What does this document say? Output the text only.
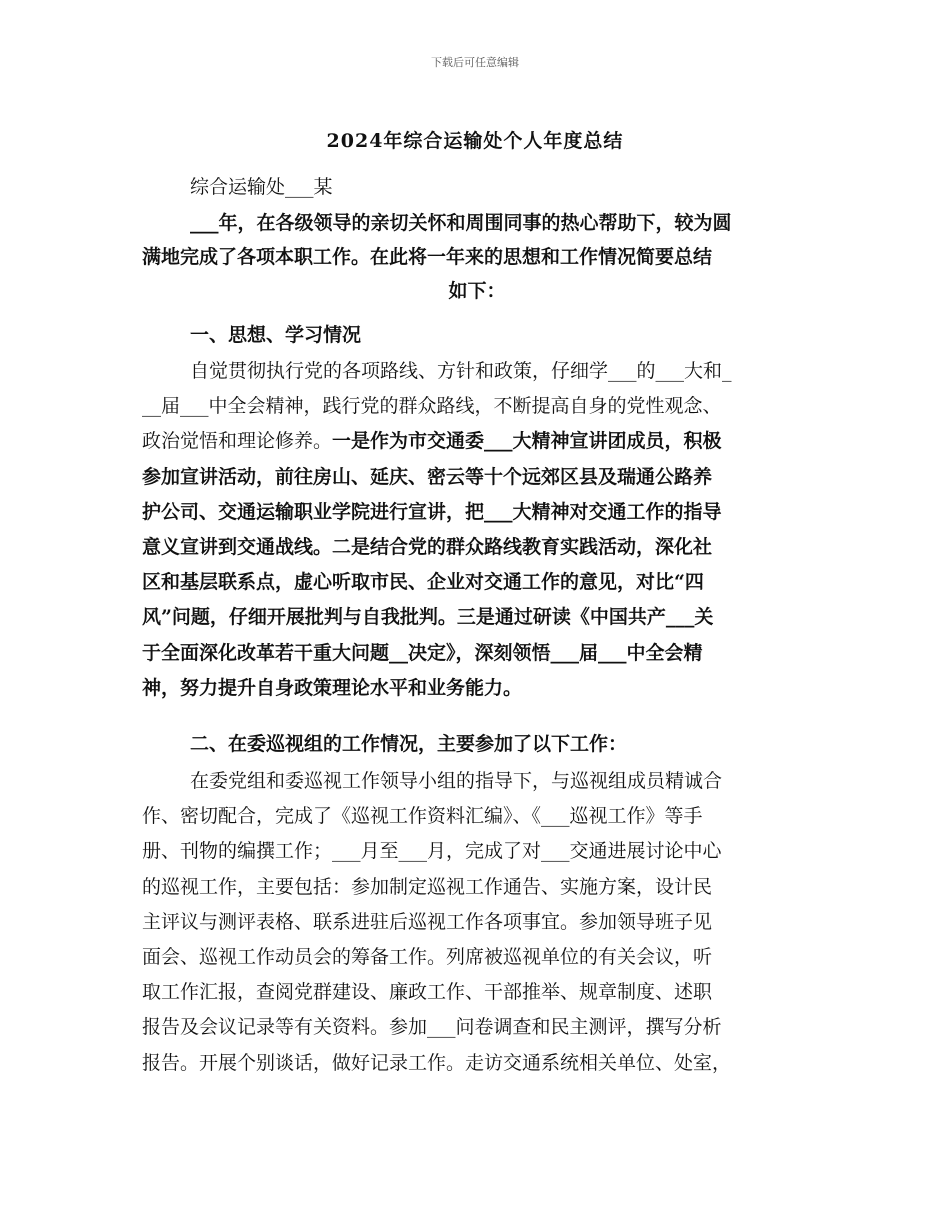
下载后可任意编辑
2024年综合运输处个人年度总结
综合运输处___某
___年，在各级领导的亲切关怀和周围同事的热心帮助下，较为圆
满地完成了各项本职工作。在此将一年来的思想和工作情况简要总结
如下：
一、思想、学习情况
自觉贯彻执行党的各项路线、方针和政策，仔细学___的___大和_
__届___中全会精神，践行党的群众路线，不断提高自身的党性观念、
政治觉悟和理论修养。一是作为市交通委___大精神宣讲团成员，积极
参加宣讲活动，前往房山、延庆、密云等十个远郊区县及瑞通公路养
护公司、交通运输职业学院进行宣讲，把___大精神对交通工作的指导
意义宣讲到交通战线。二是结合党的群众路线教育实践活动，深化社
区和基层联系点，虚心听取市民、企业对交通工作的意见，对比“四
风”问题，仔细开展批判与自我批判。三是通过研读《中国共产___关
于全面深化改革若干重大问题__决定》，深刻领悟___届___中全会精
神，努力提升自身政策理论水平和业务能力。
二、在委巡视组的工作情况，主要参加了以下工作：
在委党组和委巡视工作领导小组的指导下，与巡视组成员精诚合
作、密切配合，完成了《巡视工作资料汇编》、《___巡视工作》等手
册、刊物的编撰工作；___月至___月，完成了对___交通进展讨论中心
的巡视工作，主要包括：参加制定巡视工作通告、实施方案，设计民
主评议与测评表格、联系进驻后巡视工作各项事宜。参加领导班子见
面会、巡视工作动员会的筹备工作。列席被巡视单位的有关会议，听
取工作汇报，查阅党群建设、廉政工作、干部推举、规章制度、述职
报告及会议记录等有关资料。参加___问卷调查和民主测评，撰写分析
报告。开展个别谈话，做好记录工作。走访交通系统相关单位、处室，
